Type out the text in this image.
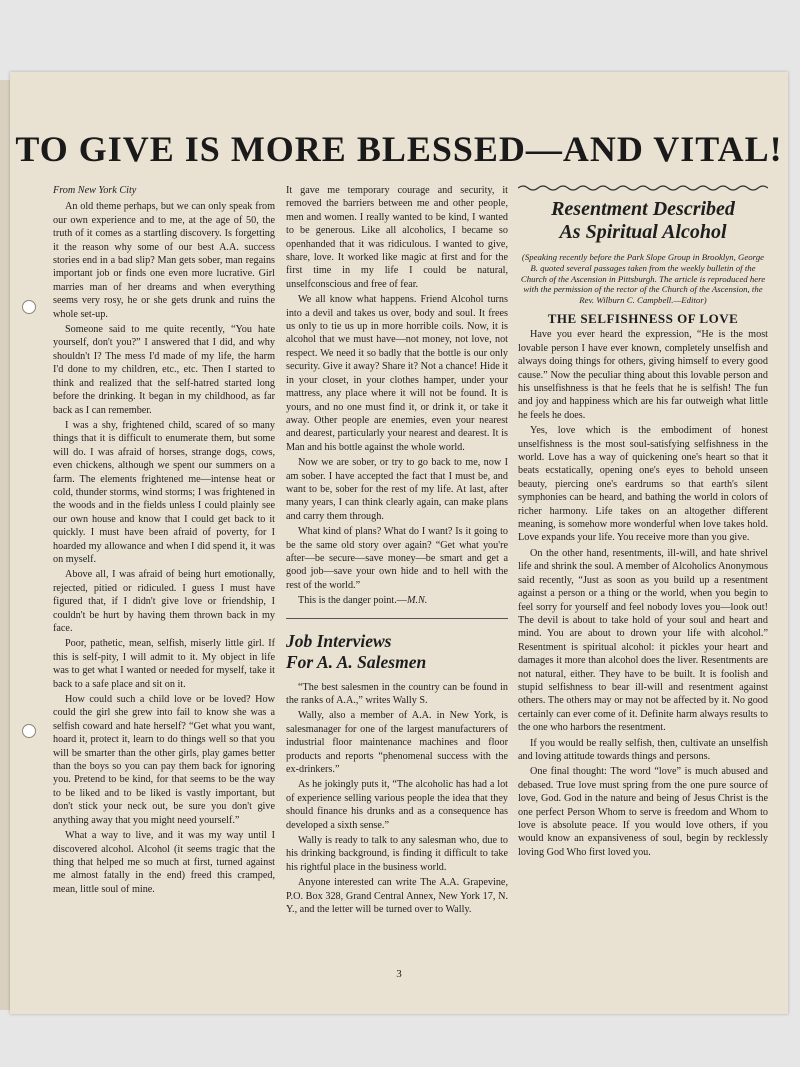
TO GIVE IS MORE BLESSED—AND VITAL!
From New York City

An old theme perhaps, but we can only speak from our own experience and to me, at the age of 50, the truth of it comes as a startling discovery. Is forgetting it the reason why some of our best A.A. success stories end in a bad slip? Man gets sober, man regains important job or finds one even more lucrative. Girl marries man of her dreams and when everything seems very rosy, he or she gets drunk and ruins the whole set-up.

Someone said to me quite recently, “You hate yourself, don't you?” I answered that I did, and why shouldn't I? The mess I'd made of my life, the harm I'd done to my children, etc., etc. Then I started to think and realized that the self-hatred started long before the drinking. It began in my childhood, as far back as I can remember.

I was a shy, frightened child, scared of so many things that it is difficult to enumerate them, but some will do. I was afraid of horses, strange dogs, cows, even chickens, although we spent our summers on a farm. The elements frightened me—intense heat or cold, thunder storms, wind storms; I was frightened in the woods and in the fields unless I could plainly see our own house and know that I could get back to it quickly. I must have been afraid of poverty, for I hoarded my allowance and when I did spend it, it was on myself.

Above all, I was afraid of being hurt emotionally, rejected, pitied or ridiculed. I guess I must have figured that, if I didn't give love or friendship, I couldn't be hurt by having them thrown back in my face.

Poor, pathetic, mean, selfish, miserly little girl. If this is self-pity, I will admit to it. My object in life was to get what I wanted or needed for myself, take it back to a safe place and sit on it.

How could such a child love or be loved? How could the girl she grew into fail to know she was a selfish coward and hate herself? “Get what you want, hoard it, protect it, learn to do things well so that you will be smarter than the other girls, play games better than the boys so you can pay them back for ignoring you. Pretend to be kind, for that seems to be the way to be liked and to be liked is vastly important, but don't stick your neck out, be sure you don't give anything away that you might need yourself.”

What a way to live, and it was my way until I discovered alcohol. Alcohol (it seems tragic that the thing that helped me so much at first, turned against me almost fatally in the end) freed this cramped, mean, little soul of mine.

It gave me temporary courage and security, it removed the barriers between me and other people, men and women. I really wanted to be kind, I wanted to be generous. Like all alcoholics, I became so openhanded that it was ridiculous. I wanted to give, share, love. It worked like magic at first and for the first time in my life I could be natural, unselfconscious and free of fear.

We all know what happens. Friend Alcohol turns into a devil and takes us over, body and soul. It frees us only to tie us up in more horrible coils. Now, it is alcohol that we must have—not money, not love, not respect. We need it so badly that the bottle is our only security. Give it away? Share it? Not a chance! Hide it in your closet, in your clothes hamper, under your mattress, any place where it will not be found. It is yours, and no one must find it, or drink it, or take it away. Other people are enemies, even your nearest and dearest, particularly your nearest and dearest. It is Man and his bottle against the whole world.

Now we are sober, or try to go back to me, now I am sober. I have accepted the fact that I must be, and want to be, sober for the rest of my life. At last, after many years, I can think clearly again, can make plans and carry them through.

What kind of plans? What do I want? Is it going to be the same old story over again? “Get what you're after—be secure—save money—be smart and get a good job—save your own hide and to hell with the rest of the world.”

This is the danger point.—M.N.

Job Interviews
For A. A. Salesmen

“The best salesmen in the country can be found in the ranks of A.A.,” writes Wally S.

Wally, also a member of A.A. in New York, is salesmanager for one of the largest manufacturers of industrial floor maintenance machines and floor products and reports “phenomenal success with the ex-drinkers.”

As he jokingly puts it, “The alcoholic has had a lot of experience selling various people the idea that they should finance his drunks and as a consequence has developed a sixth sense.”

Wally is ready to talk to any salesman who, due to his drinking background, is finding it difficult to take his rightful place in the business world.

Anyone interested can write The A.A. Grapevine, P.O. Box 328, Grand Central Annex, New York 17, N. Y., and the letter will be turned over to Wally.

Resentment Described
As Spiritual Alcohol
(Speaking recently before the Park Slope Group in Brooklyn, George B. quoted several passages taken from the weekly bulletin of the Church of the Ascension in Pittsburgh. The article is reproduced here with the permission of the rector of the Church of the Ascension, the Rev. Wilburn C. Campbell.—Editor)
THE SELFISHNESS OF LOVE

Have you ever heard the expression, “He is the most lovable person I have ever known, completely unselfish and always doing things for others, giving himself to every good cause.” Now the peculiar thing about this lovable person and his unselfishness is that he feels that he is selfish! The fun and joy and happiness which are his far outweigh what little he feels he does.

Yes, love which is the embodiment of honest unselfishness is the most soul-satisfying selfishness in the world. Love has a way of quickening one's heart so that it beats ecstatically, opening one's eyes to behold unseen beauty, piercing one's eardrums so that earth's silent symphonies can be heard, and bathing the world in colors of richer harmony. Life takes on an altogether different meaning, is somehow more wonderful when love takes hold. Love expands your life. You receive more than you give.

On the other hand, resentments, ill-will, and hate shrivel life and shrink the soul. A member of Alcoholics Anonymous said recently, “Just as soon as you build up a resentment against a person or a thing or the world, when you begin to feel sorry for yourself and feel nobody loves you—look out! The devil is about to take hold of your soul and heart and mind. You are about to drown your life with alcohol.” Resentment is spiritual alcohol: it pickles your heart and damages it more than alcohol does the liver. Resentments are not natural, either. They have to be built. It is foolish and stupid selfishness to bear ill-will and resentment against others. The others may or may not be affected by it. No good certainly can ever come of it. Definite harm always results to the one who harbors the resentment.

If you would be really selfish, then, cultivate an unselfish and loving attitude towards things and persons.

One final thought: The word “love” is much abused and debased. True love must spring from the one pure source of love, God. God in the nature and being of Jesus Christ is the one perfect Person Whom to serve is freedom and Whom to love is absolute peace. If you would love others, if you would know an expansiveness of soul, begin by recklessly loving God Who first loved you.

3
